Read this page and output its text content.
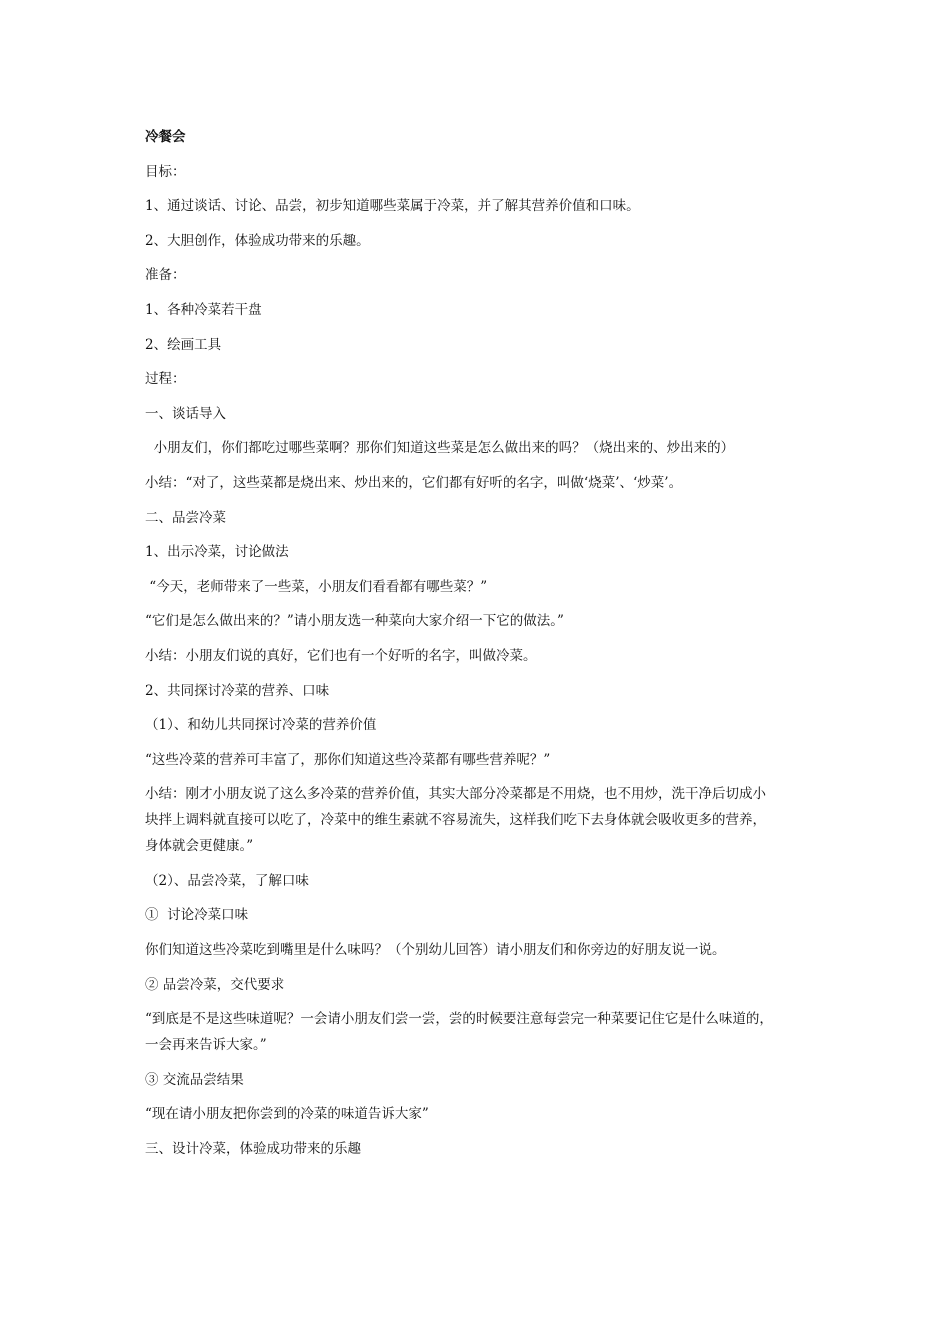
冷餐会
目标：
1、通过谈话、讨论、品尝，初步知道哪些菜属于冷菜，并了解其营养价值和口味。
2、大胆创作，体验成功带来的乐趣。
准备：
1、各种冷菜若干盘
2、绘画工具
过程：
一、谈话导入
小朋友们，你们都吃过哪些菜啊？那你们知道这些菜是怎么做出来的吗？（烧出来的、炒出来的）
小结：“对了，这些菜都是烧出来、炒出来的，它们都有好听的名字，叫做‘烧菜’、‘炒菜’。
二、品尝冷菜
1、出示冷菜，讨论做法
“今天，老师带来了一些菜，小朋友们看看都有哪些菜？”
“它们是怎么做出来的？”请小朋友选一种菜向大家介绍一下它的做法。”
小结：小朋友们说的真好，它们也有一个好听的名字，叫做冷菜。
2、共同探讨冷菜的营养、口味
（1）、和幼儿共同探讨冷菜的营养价值
“这些冷菜的营养可丰富了，那你们知道这些冷菜都有哪些营养呢？”
小结：刚才小朋友说了这么多冷菜的营养价值，其实大部分冷菜都是不用烧，也不用炒，洗干净后切成小
块拌上调料就直接可以吃了，冷菜中的维生素就不容易流失，这样我们吃下去身体就会吸收更多的营养，
身体就会更健康。”
（2）、品尝冷菜，了解口味
①  讨论冷菜口味
你们知道这些冷菜吃到嘴里是什么味吗？（个别幼儿回答）请小朋友们和你旁边的好朋友说一说。
② 品尝冷菜，交代要求
“到底是不是这些味道呢？一会请小朋友们尝一尝，尝的时候要注意每尝完一种菜要记住它是什么味道的，
一会再来告诉大家。”
③ 交流品尝结果
“现在请小朋友把你尝到的冷菜的味道告诉大家”
三、设计冷菜，体验成功带来的乐趣
